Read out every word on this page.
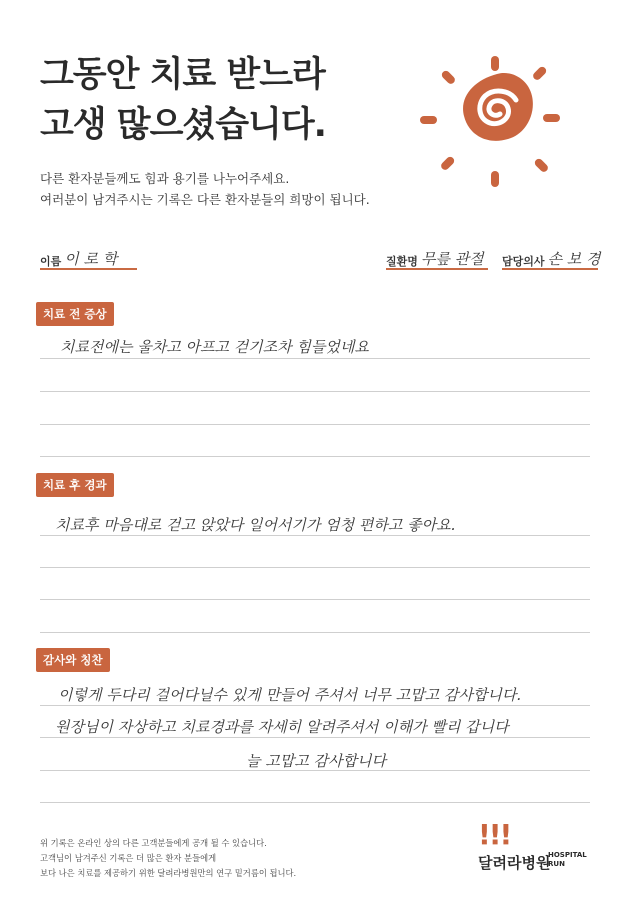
그동안 치료 받느라
고생 많으셨습니다.
다른 환자분들께도 힘과 용기를 나누어주세요.
여러분이 남겨주시는 기록은 다른 환자분들의 희망이 됩니다.
이름 이 로 학	질환명 무릎 관절 담당의사 손 보 경
치료 전 증상
치료전에는 울차고 아프고 걷기조차 힘들었네요
치료 후 경과
치료후 마음대로 걷고 앉았다 일어서기가 엄청 편하고 좋아요.
감사와 칭찬
이렇게 두다리 걸어다닐수 있게 만들어 주셔서 너무 고맙고 감사합니다.
원장님이 자상하고 치료경과를 자세히 알려주셔서 이해가 빨리 갑니다
늘 고맙고 감사합니다
위 기록은 온라인 상의 다른 고객분들에게 공개 될 수 있습니다.
고객님이 남겨주신 기록은 더 많은 환자 분들에게
보다 나은 치료를 제공하기 위한 달려라병원만의 연구 밑거름이 됩니다.
!!!
달려라병원
HOSPITAL
RUN
